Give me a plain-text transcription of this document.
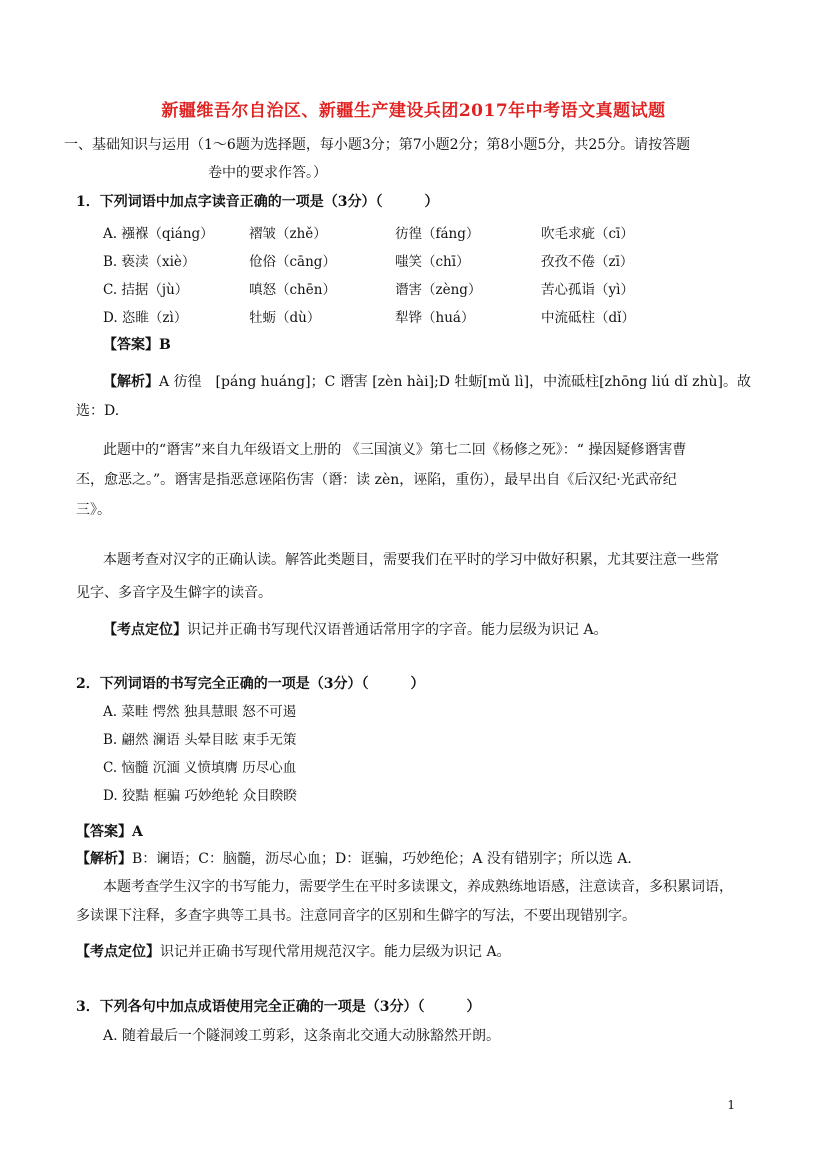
新疆维吾尔自治区、新疆生产建设兵团2017年中考语文真题试题
一、基础知识与运用（1～6题为选择题，每小题3分；第7小题2分；第8小题5分，共25分。请按答题
卷中的要求作答。）
1．下列词语中加点字读音正确的一项是（3分）（　　　）
A. 襁褓（qiáng）	褶皱（zhě）	彷徨（fáng）	吹毛求疵（cī）
B. 亵渎（xiè）	伧俗（cāng）	嗤笑（chī）	孜孜不倦（zī）
C. 拮据（jù）	嗔怒（chēn）	谮害（zèng）	苦心孤诣（yì）
D. 恣睢（zì）	牡蛎（dù）	犁铧（huá）	中流砥柱（dǐ）
【答案】B
【解析】A 彷徨　[páng huáng]；C 谮害 [zèn hài];D 牡蛎[mǔ lì]，中流砥柱[zhōng liú dǐ zhù]。故
选：D.
此题中的“谮害”来自九年级语文上册的 《三国演义》第七二回《杨修之死》：“ 操因疑修谮害曹
丕，愈恶之。”。谮害是指恶意诬陷伤害（谮：读 zèn，诬陷，重伤），最早出自《后汉纪·光武帝纪
三》。
本题考查对汉字的正确认读。解答此类题目，需要我们在平时的学习中做好积累，尤其要注意一些常
见字、多音字及生僻字的读音。
【考点定位】识记并正确书写现代汉语普通话常用字的字音。能力层级为识记 A。
2．下列词语的书写完全正确的一项是（3分）（　　　）
A. 菜畦 愕然 独具慧眼 怒不可遏
B. 翩然 澜语 头晕目眩 束手无策
C. 恼髓 沉湎 义愤填膺 历尽心血
D. 狡黠 框骗 巧妙绝轮 众目睽睽
【答案】A
【解析】B：谰语；C：脑髓，沥尽心血；D：诓骗，巧妙绝伦；A 没有错别字；所以选 A.
本题考查学生汉字的书写能力，需要学生在平时多读课文，养成熟练地语感，注意读音，多积累词语，
多读课下注释，多查字典等工具书。注意同音字的区别和生僻字的写法，不要出现错别字。
【考点定位】识记并正确书写现代常用规范汉字。能力层级为识记 A。
3．下列各句中加点成语使用完全正确的一项是（3分）（　　　）
A. 随着最后一个隧洞竣工剪彩，这条南北交通大动脉豁然开朗。
1
